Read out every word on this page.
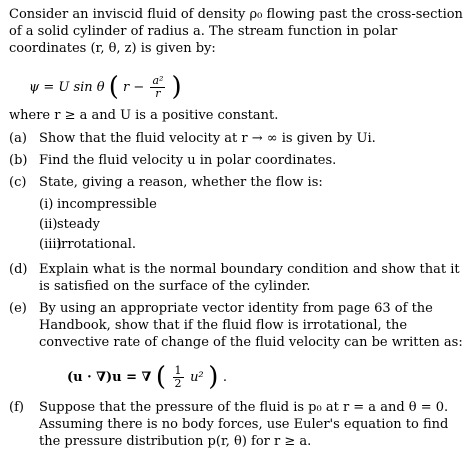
Consider an inviscid fluid of density ρ₀ flowing past the cross-section of a solid cylinder of radius a. The stream function in polar coordinates (r, θ, z) is given by:

ψ = U sin θ ( $r - \frac{\text{a²}}{r}$ )

where r ≥ a and U is a positive constant.

(a) Show that the fluid velocity at r → ∞ is given by Ui.
(b) Find the fluid velocity u in polar coordinates.
(c) State, giving a reason, whether the flow is:
(i) incompressible
(ii) steady
(iii)
irrotational.
(d) Explain what is the normal boundary condition and show that it is satisfied on the surface of the cylinder.
(e) By using an appropriate vector identity from page 63 of the Handbook, show that if the fluid flow is irrotational, the convective rate of change of the fluid velocity can be written as:
(u · ∇)u = ∇ ( $\frac{1}{2} u^2$ ) .
(f) Suppose that the pressure of the fluid is p₀ at r = a and θ = 0. Assuming there is no body forces, use Euler's equation to find the pressure distribution p(r, θ) for r ≥ a.
